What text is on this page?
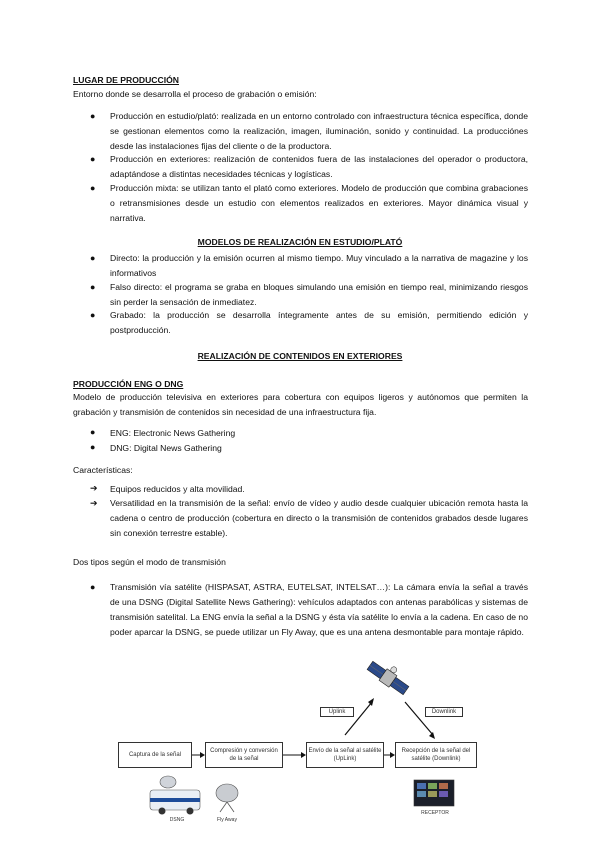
LUGAR DE PRODUCCIÓN
Entorno donde se desarrolla el proceso de grabación o emisión:
● Producción en estudio/plató: realizada en un entorno controlado con infraestructura técnica específica, donde se gestionan elementos como la realización, imagen, iluminación, sonido y continuidad. La producciónes desde las instalaciones fijas del cliente o de la productora.
● Producción en exteriores: realización de contenidos fuera de las instalaciones del operador o productora, adaptándose a distintas necesidades técnicas y logísticas.
● Producción mixta: se utilizan tanto el plató como exteriores. Modelo de producción que combina grabaciones o retransmisiones desde un estudio con elementos realizados en exteriores. Mayor dinámica visual y narrativa.
MODELOS DE REALIZACIÓN EN ESTUDIO/PLATÓ
● Directo: la producción y la emisión ocurren al mismo tiempo. Muy vinculado a la narrativa de magazine y los informativos
● Falso directo: el programa se graba en bloques simulando una emisión en tiempo real, minimizando riesgos sin perder la sensación de inmediatez.
● Grabado: la producción se desarrolla íntegramente antes de su emisión, permitiendo edición y postproducción.
REALIZACIÓN DE CONTENIDOS EN EXTERIORES
PRODUCCIÓN ENG O DNG
Modelo de producción televisiva en exteriores para cobertura con equipos ligeros y autónomos que permiten la grabación y transmisión de contenidos sin necesidad de una infraestructura fija.
● ENG: Electronic News Gathering
● DNG: Digital News Gathering
Características:
➔ Equipos reducidos y alta movilidad.
➔ Versatilidad en la transmisión de la señal: envío de vídeo y audio desde cualquier ubicación remota hasta la cadena o centro de producción (cobertura en directo o la transmisión de contenidos grabados desde lugares sin conexión terrestre estable).
Dos tipos según el modo de transmisión
● Transmisión vía satélite (HISPASAT, ASTRA, EUTELSAT, INTELSAT…): La cámara envía la señal a través de una DSNG (Digital Satellite News Gathering): vehículos adaptados con antenas parabólicas y sistemas de transmisión satelital. La ENG envía la señal a la DSNG y ésta vía satélite lo envía a la cadena. En caso de no poder aparcar la DSNG, se puede utilizar un Fly Away, que es una antena desmontable para montaje rápido.
Uplink	Downlink
Captura de la señal
Compresión y conversión de la señal
Envío de la señal al satélite (UpLink)
Recepción de la señal del satélite (Downlink)
DSNG	Fly Away
RECEPTOR
